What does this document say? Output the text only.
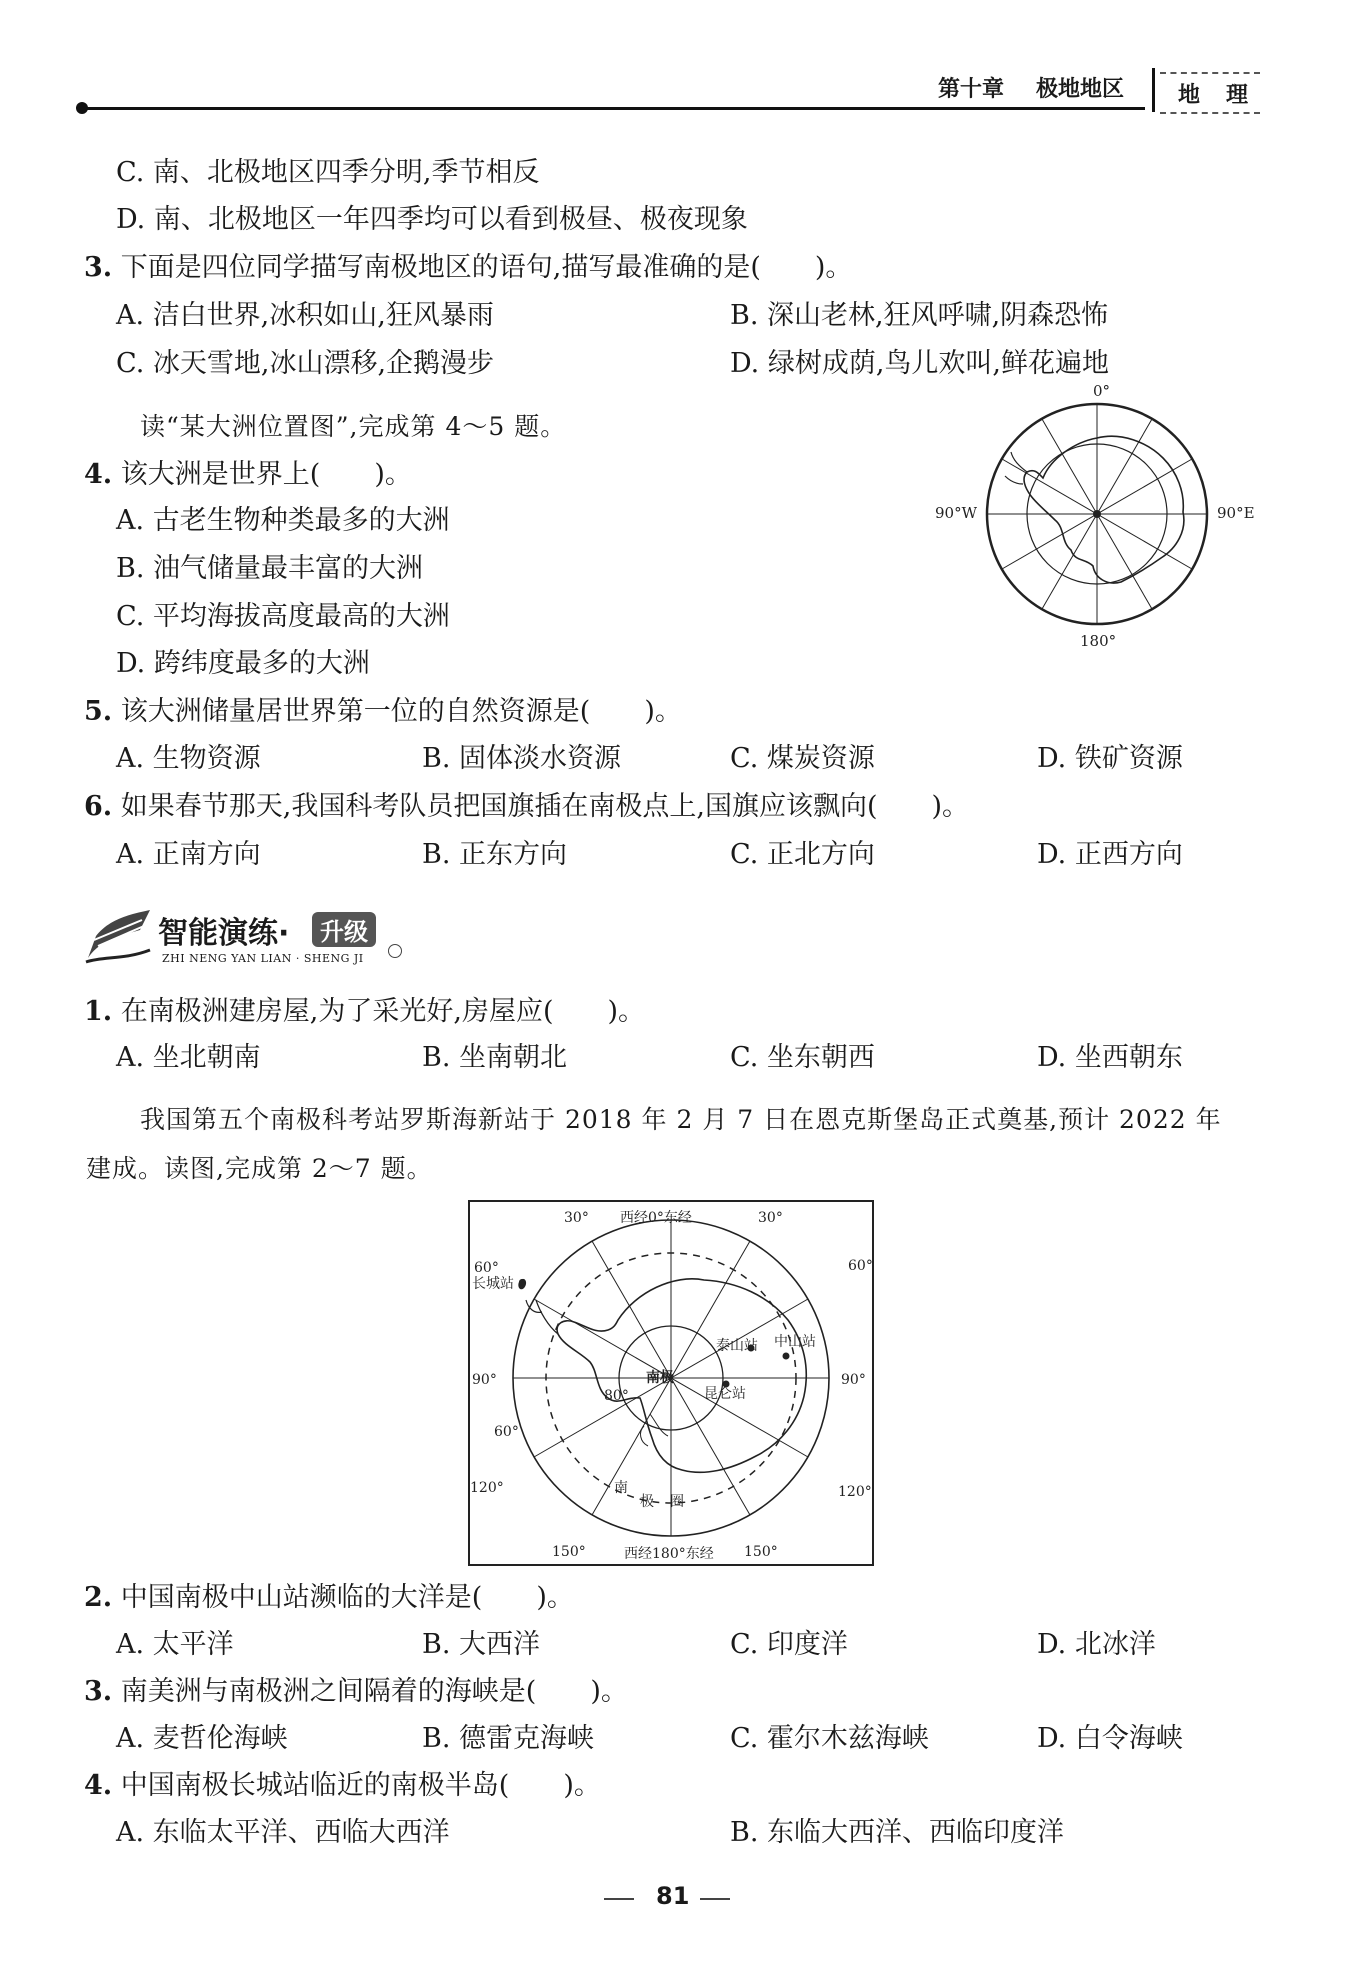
第十章 极地地区 地 理
C. 南、北极地区四季分明,季节相反
D. 南、北极地区一年四季均可以看到极昼、极夜现象
3. 下面是四位同学描写南极地区的语句,描写最准确的是(　　)。
A. 洁白世界,冰积如山,狂风暴雨	B. 深山老林,狂风呼啸,阴森恐怖
C. 冰天雪地,冰山漂移,企鹅漫步	D. 绿树成荫,鸟儿欢叫,鲜花遍地
读“某大洲位置图”,完成第 4～5 题。
0°
90°W	90°E
180°
4. 该大洲是世界上(　　)。
A. 古老生物种类最多的大洲
B. 油气储量最丰富的大洲
C. 平均海拔高度最高的大洲
D. 跨纬度最多的大洲
5. 该大洲储量居世界第一位的自然资源是(　　)。
A. 生物资源	B. 固体淡水资源	C. 煤炭资源	D. 铁矿资源
6. 如果春节那天,我国科考队员把国旗插在南极点上,国旗应该飘向(　　)。
A. 正南方向	B. 正东方向	C. 正北方向	D. 正西方向
智能演练·	升级
ZHI NENG YAN LIAN · SHENG JI
1. 在南极洲建房屋,为了采光好,房屋应(　　)。
A. 坐北朝南	B. 坐南朝北	C. 坐东朝西	D. 坐西朝东
我国第五个南极科考站罗斯海新站于 2018 年 2 月 7 日在恩克斯堡岛正式奠基,预计 2022 年
建成。读图,完成第 2～7 题。
30° 西经0°东经	30°
60°
长城站
60°
泰山站 中山站
90°	南极	90°
昆仑站
80°
60°
120°	120°
南
极 圈
150°	西经180°东经 150°
2. 中国南极中山站濒临的大洋是(　　)。
A. 太平洋	B. 大西洋	C. 印度洋	D. 北冰洋
3. 南美洲与南极洲之间隔着的海峡是(　　)。
A. 麦哲伦海峡	B. 德雷克海峡	C. 霍尔木兹海峡	D. 白令海峡
4. 中国南极长城站临近的南极半岛(　　)。
A. 东临太平洋、西临大西洋	B. 东临大西洋、西临印度洋
81
